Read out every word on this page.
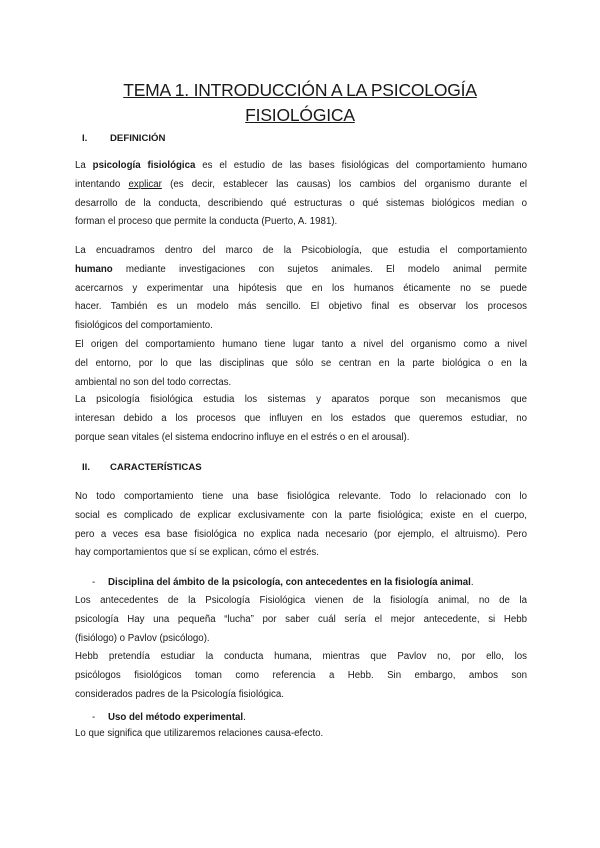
TEMA 1. INTRODUCCIÓN A LA PSICOLOGÍA
FISIOLÓGICA
I. DEFINICIÓN
La psicología fisiológica es el estudio de las bases fisiológicas del comportamiento humano
intentando explicar (es decir, establecer las causas) los cambios del organismo durante el
desarrollo de la conducta, describiendo qué estructuras o qué sistemas biológicos median o
forman el proceso que permite la conducta (Puerto, A. 1981).
La encuadramos dentro del marco de la Psicobiología, que estudia el comportamiento
humano mediante investigaciones con sujetos animales. El modelo animal permite
acercarnos y experimentar una hipótesis que en los humanos éticamente no se puede
hacer. También es un modelo más sencillo. El objetivo final es observar los procesos
fisiológicos del comportamiento.
El origen del comportamiento humano tiene lugar tanto a nivel del organismo como a nivel
del entorno, por lo que las disciplinas que sólo se centran en la parte biológica o en la
ambiental no son del todo correctas.
La psicología fisiológica estudia los sistemas y aparatos porque son mecanismos que
interesan debido a los procesos que influyen en los estados que queremos estudiar, no
porque sean vitales (el sistema endocrino influye en el estrés o en el arousal).
II. CARACTERÍSTICAS
No todo comportamiento tiene una base fisiológica relevante. Todo lo relacionado con lo
social es complicado de explicar exclusivamente con la parte fisiológica; existe en el cuerpo,
pero a veces esa base fisiológica no explica nada necesario (por ejemplo, el altruismo). Pero
hay comportamientos que sí se explican, cómo el estrés.
- Disciplina del ámbito de la psicología, con antecedentes en la fisiología animal.
Los antecedentes de la Psicología Fisiológica vienen de la fisiología animal, no de la
psicología Hay una pequeña “lucha” por saber cuál sería el mejor antecedente, si Hebb
(fisiólogo) o Pavlov (psicólogo).
Hebb pretendía estudiar la conducta humana, mientras que Pavlov no, por ello, los
psicólogos fisiológicos toman como referencia a Hebb. Sin embargo, ambos son
considerados padres de la Psicología fisiológica.
- Uso del método experimental.
Lo que significa que utilizaremos relaciones causa-efecto.
